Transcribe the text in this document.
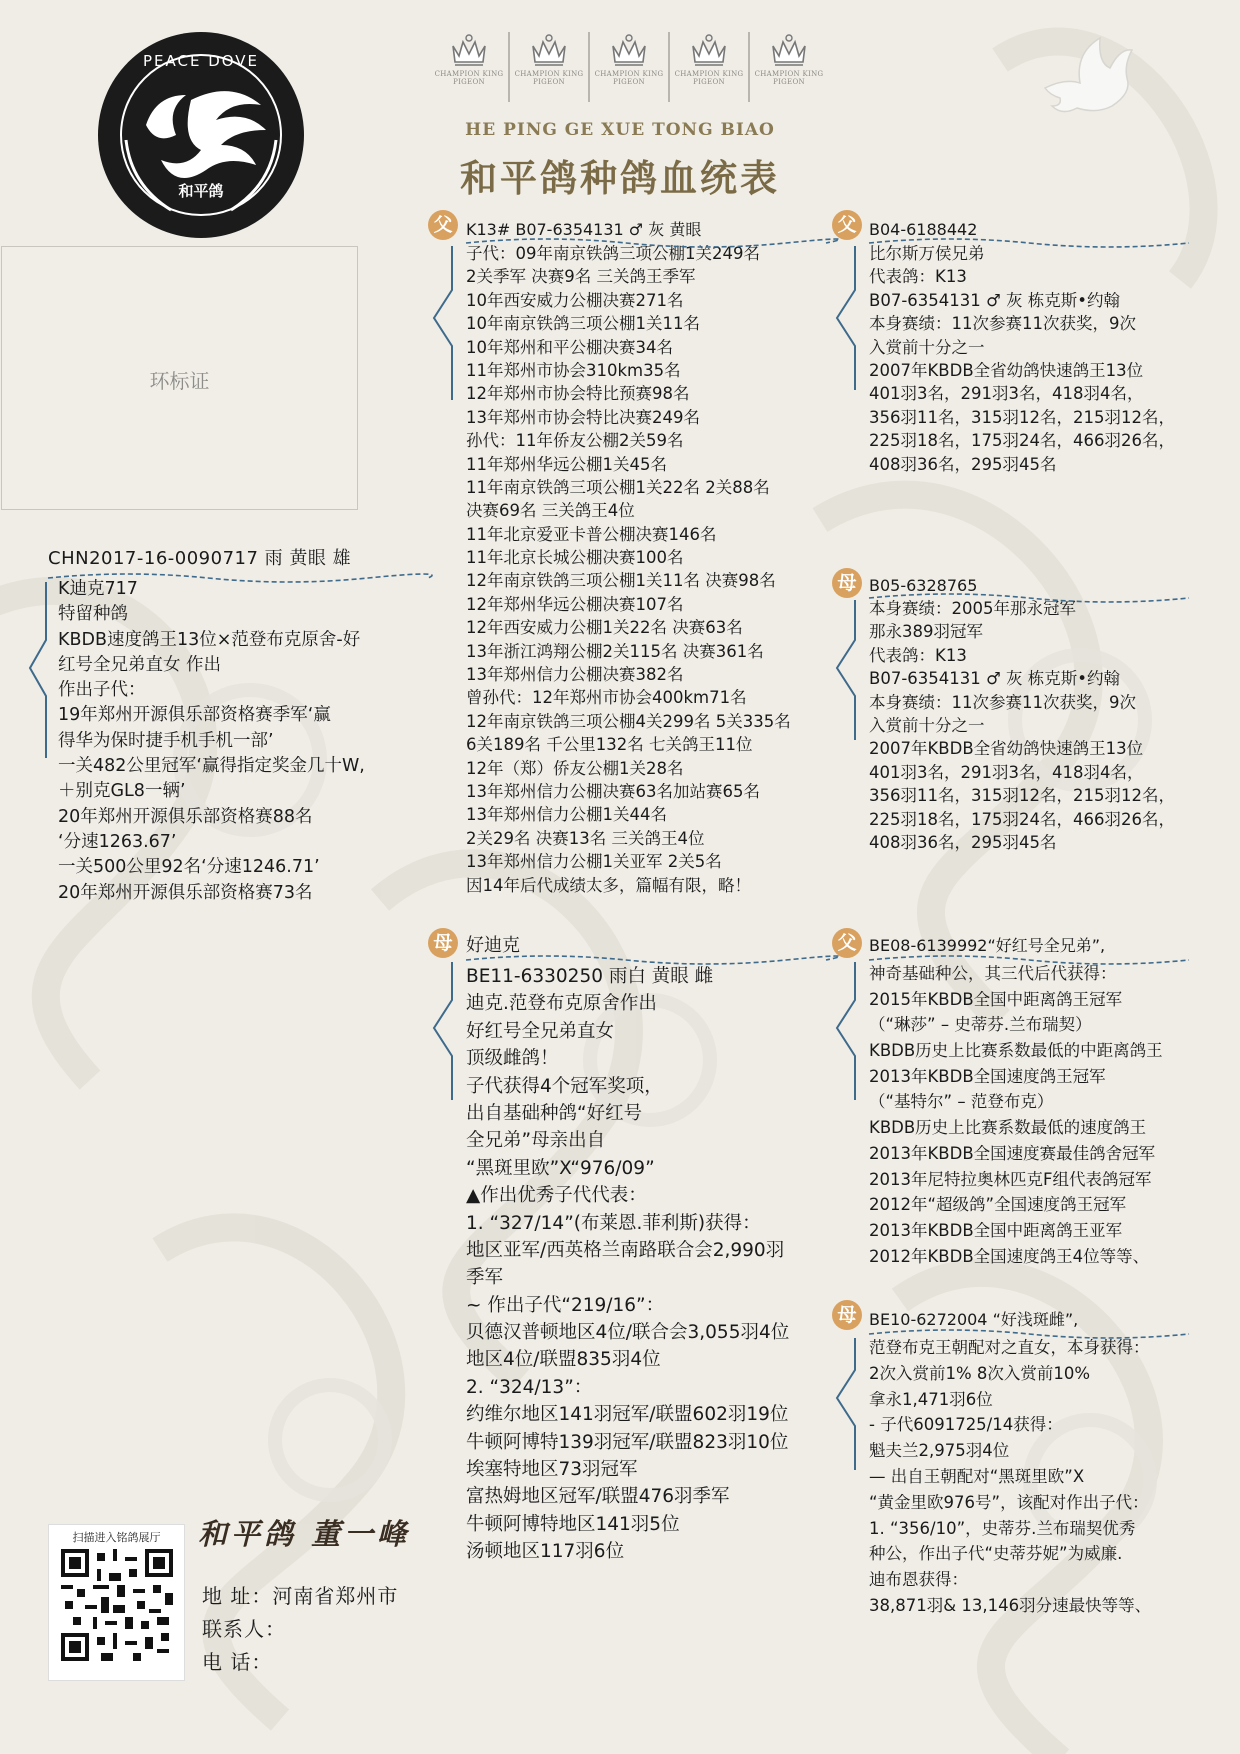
PEACE DOVE
和平鸽
CHAMPION KING PIGEON
CHAMPION KING PIGEON
CHAMPION KING PIGEON
CHAMPION KING PIGEON
CHAMPION KING PIGEON
HE PING GE XUE TONG BIAO
和平鸽种鸽血统表
环标证
CHN2017-16-0090717 雨 黄眼 雄
K迪克717
特留种鸽
KBDB速度鸽王13位×范登布克原舍-好
红号全兄弟直女 作出
作出子代：
19年郑州开源俱乐部资格赛季军‘赢
得华为保时捷手机手机一部’
一关482公里冠军‘赢得指定奖金几十W,
＋别克GL8一辆’
20年郑州开源俱乐部资格赛88名
‘分速1263.67’
一关500公里92名‘分速1246.71’
20年郑州开源俱乐部资格赛73名
父 K13# B07-6354131 ♂ 灰 黄眼
子代：09年南京铁鸽三项公棚1关249名
2关季军 决赛9名 三关鸽王季军
10年西安威力公棚决赛271名
10年南京铁鸽三项公棚1关11名
10年郑州和平公棚决赛34名
11年郑州市协会310km35名
12年郑州市协会特比预赛98名
13年郑州市协会特比决赛249名
孙代：11年侨友公棚2关59名
11年郑州华远公棚1关45名
11年南京铁鸽三项公棚1关22名 2关88名
决赛69名 三关鸽王4位
11年北京爱亚卡普公棚决赛146名
11年北京长城公棚决赛100名
12年南京铁鸽三项公棚1关11名 决赛98名
12年郑州华远公棚决赛107名
12年西安威力公棚1关22名 决赛63名
13年浙江鸿翔公棚2关115名 决赛361名
13年郑州信力公棚决赛382名
曾孙代：12年郑州市协会400km71名
12年南京铁鸽三项公棚4关299名 5关335名
6关189名 千公里132名 七关鸽王11位
12年（郑）侨友公棚1关28名
13年郑州信力公棚决赛63名加站赛65名
13年郑州信力公棚1关44名
2关29名 决赛13名 三关鸽王4位
13年郑州信力公棚1关亚军 2关5名
因14年后代成绩太多，篇幅有限，略！
父 B04-6188442
比尔斯万侯兄弟
代表鸽：K13
B07-6354131 ♂ 灰 栋克斯•约翰
本身赛绩：11次参赛11次获奖，9次
入赏前十分之一
2007年KBDB全省幼鸽快速鸽王13位
401羽3名，291羽3名，418羽4名，
356羽11名，315羽12名，215羽12名，
225羽18名，175羽24名，466羽26名，
408羽36名，295羽45名
母 B05-6328765
本身赛绩：2005年那永冠军
那永389羽冠军
代表鸽：K13
B07-6354131 ♂ 灰 栋克斯•约翰
本身赛绩：11次参赛11次获奖，9次
入赏前十分之一
2007年KBDB全省幼鸽快速鸽王13位
401羽3名，291羽3名，418羽4名，
356羽11名，315羽12名，215羽12名，
225羽18名，175羽24名，466羽26名，
408羽36名，295羽45名
母 好迪克
BE11-6330250 雨白 黄眼 雌
迪克.范登布克原舍作出
好红号全兄弟直女
顶级雌鸽！
子代获得4个冠军奖项，
出自基础种鸽“好红号
全兄弟”母亲出自
“黑斑里欧”X“976/09”
▲作出优秀子代代表：
1. “327/14”(布莱恩.菲利斯)获得：
地区亚军/西英格兰南路联合会2,990羽
季军
~ 作出子代“219/16”：
贝德汉普顿地区4位/联合会3,055羽4位
地区4位/联盟835羽4位
2. “324/13”：
约维尔地区141羽冠军/联盟602羽19位
牛顿阿博特139羽冠军/联盟823羽10位
埃塞特地区73羽冠军
富热姆地区冠军/联盟476羽季军
牛顿阿博特地区141羽5位
汤顿地区117羽6位
父 BE08-6139992“好红号全兄弟”,
神奇基础种公，其三代后代获得：
2015年KBDB全国中距离鸽王冠军
（“琳莎” – 史蒂芬.兰布瑞契）
KBDB历史上比赛系数最低的中距离鸽王
2013年KBDB全国速度鸽王冠军
（“基特尔” – 范登布克）
KBDB历史上比赛系数最低的速度鸽王
2013年KBDB全国速度赛最佳鸽舍冠军
2013年尼特拉奥林匹克F组代表鸽冠军
2012年“超级鸽”全国速度鸽王冠军
2013年KBDB全国中距离鸽王亚军
2012年KBDB全国速度鸽王4位等等、
母 BE10-6272004 “好浅斑雌”,
范登布克王朝配对之直女，本身获得：
2次入赏前1% 8次入赏前10%
拿永1,471羽6位
- 子代6091725/14获得：
魁夫兰2,975羽4位
— 出自王朝配对“黑斑里欧”X
“黄金里欧976号”，该配对作出子代：
1. “356/10”，史蒂芬.兰布瑞契优秀
种公，作出子代“史蒂芬妮”为威廉.
迪布恩获得：
38,871羽& 13,146羽分速最快等等、
扫描进入铭鸽展厅	和平鸽 董一峰
地 址：河南省郑州市
联系人：
电 话：
